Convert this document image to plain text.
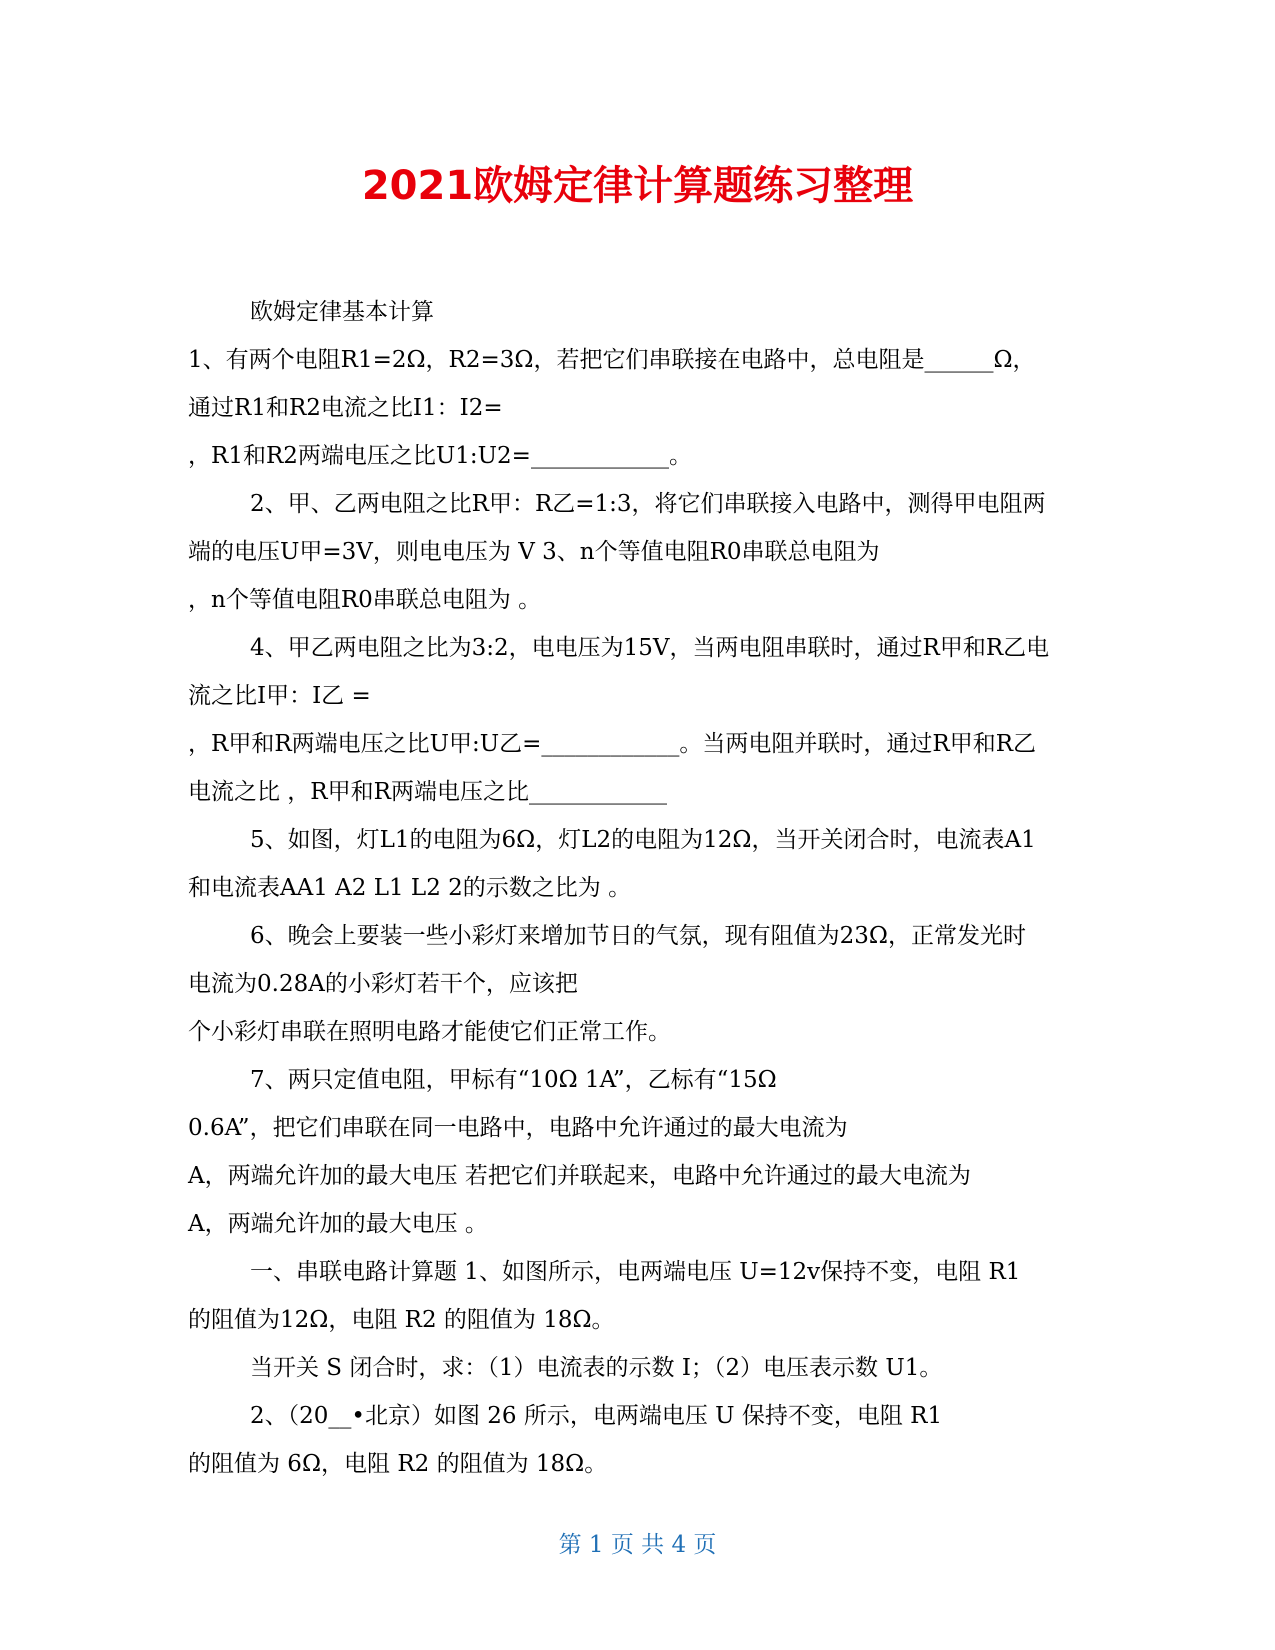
2021欧姆定律计算题练习整理
欧姆定律基本计算
1、有两个电阻R1=2Ω，R2=3Ω，若把它们串联接在电路中，总电阻是______Ω，
通过R1和R2电流之比I1：I2=
，R1和R2两端电压之比U1:U2=____________。
2、甲、乙两电阻之比R甲：R乙=1:3，将它们串联接入电路中，测得甲电阻两
端的电压U甲=3V，则电电压为 V 3、n个等值电阻R0串联总电阻为
，n个等值电阻R0串联总电阻为 。
4、甲乙两电阻之比为3:2，电电压为15V，当两电阻串联时，通过R甲和R乙电
流之比I甲：I乙 =
，R甲和R两端电压之比U甲:U乙=____________。当两电阻并联时，通过R甲和R乙
电流之比 ，R甲和R两端电压之比____________
5、如图，灯L1的电阻为6Ω，灯L2的电阻为12Ω，当开关闭合时，电流表A1
和电流表AA1 A2 L1 L2 2的示数之比为 。
6、晚会上要装一些小彩灯来增加节日的气氛，现有阻值为23Ω，正常发光时
电流为0.28A的小彩灯若干个，应该把
个小彩灯串联在照明电路才能使它们正常工作。
7、两只定值电阻，甲标有“10Ω 1A”，乙标有“15Ω
0.6A”，把它们串联在同一电路中，电路中允许通过的最大电流为
A，两端允许加的最大电压 若把它们并联起来，电路中允许通过的最大电流为
A，两端允许加的最大电压 。
一、串联电路计算题 1、如图所示，电两端电压 U=12v保持不变，电阻 R1
的阻值为12Ω，电阻 R2 的阻值为 18Ω。
当开关 S 闭合时，求：（1）电流表的示数 I；（2）电压表示数 U1。
2、（20__•北京）如图 26 所示，电两端电压 U 保持不变，电阻 R1
的阻值为 6Ω，电阻 R2 的阻值为 18Ω。
第 1 页 共 4 页
